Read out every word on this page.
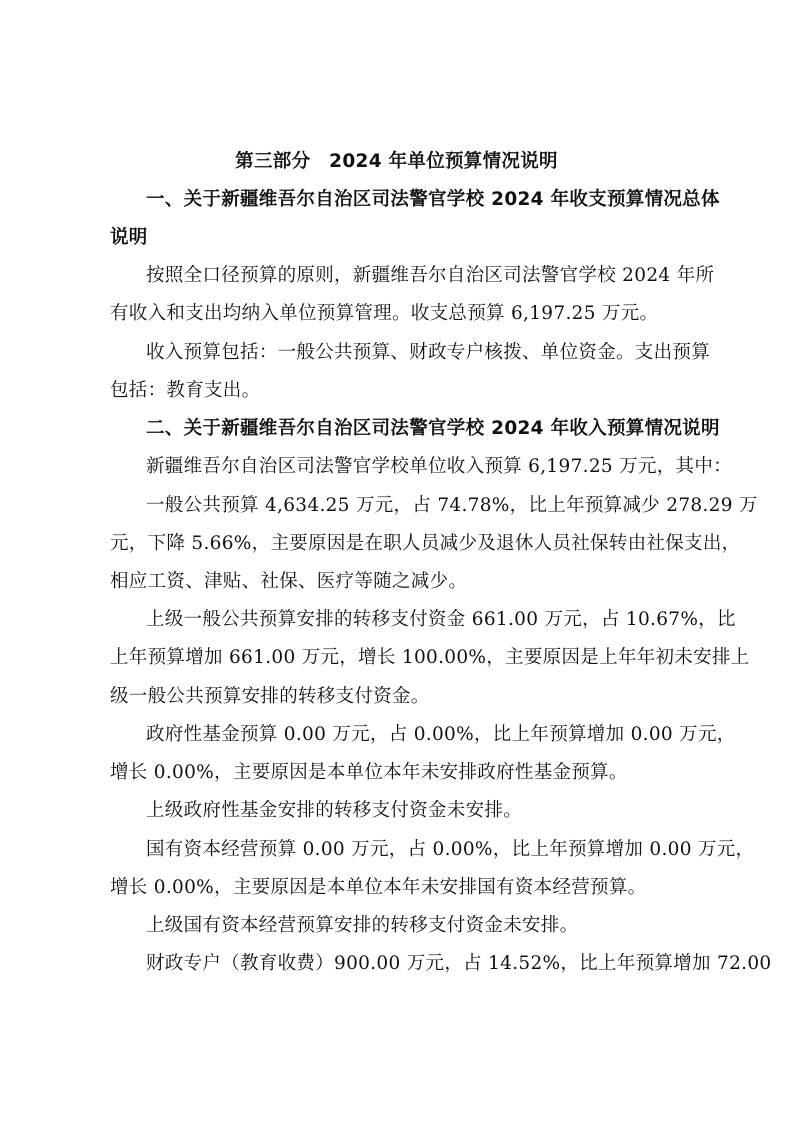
第三部分　2024 年单位预算情况说明
一、关于新疆维吾尔自治区司法警官学校 2024 年收支预算情况总体
说明
按照全口径预算的原则，新疆维吾尔自治区司法警官学校 2024 年所
有收入和支出均纳入单位预算管理。收支总预算 6,197.25 万元。
收入预算包括：一般公共预算、财政专户核拨、单位资金。支出预算
包括：教育支出。
二、关于新疆维吾尔自治区司法警官学校 2024 年收入预算情况说明
新疆维吾尔自治区司法警官学校单位收入预算 6,197.25 万元，其中：
一般公共预算 4,634.25 万元，占 74.78%，比上年预算减少 278.29 万
元，下降 5.66%，主要原因是在职人员减少及退休人员社保转由社保支出，
相应工资、津贴、社保、医疗等随之减少。
上级一般公共预算安排的转移支付资金 661.00 万元，占 10.67%，比
上年预算增加 661.00 万元，增长 100.00%，主要原因是上年年初未安排上
级一般公共预算安排的转移支付资金。
政府性基金预算 0.00 万元，占 0.00%，比上年预算增加 0.00 万元，
增长 0.00%，主要原因是本单位本年未安排政府性基金预算。
上级政府性基金安排的转移支付资金未安排。
国有资本经营预算 0.00 万元，占 0.00%，比上年预算增加 0.00 万元，
增长 0.00%，主要原因是本单位本年未安排国有资本经营预算。
上级国有资本经营预算安排的转移支付资金未安排。
财政专户（教育收费）900.00 万元，占 14.52%，比上年预算增加 72.00
